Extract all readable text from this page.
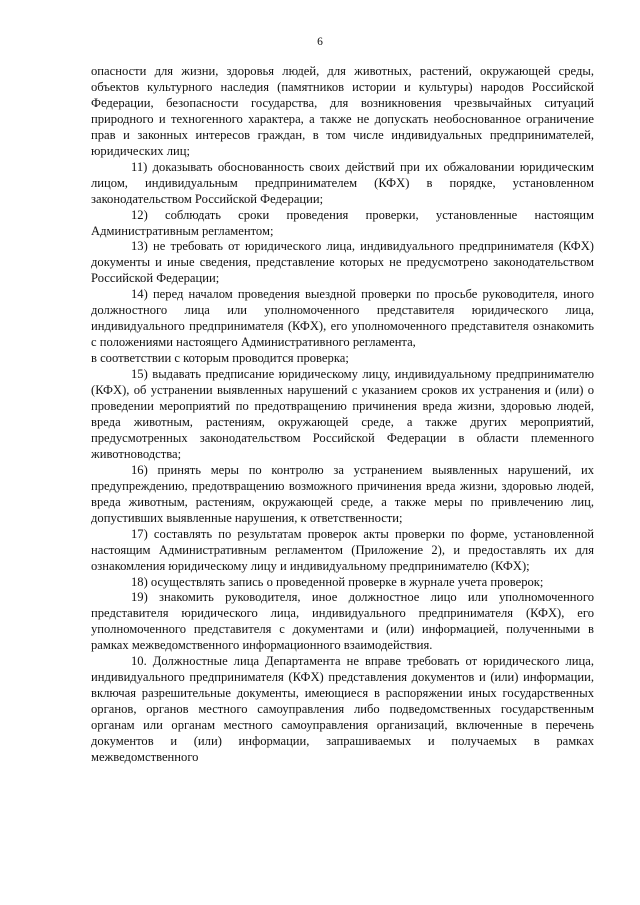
6

опасности для жизни, здоровья людей, для животных, растений, окружающей среды, объектов культурного наследия (памятников истории и культуры) народов Российской Федерации, безопасности государства, для возникновения чрезвычайных ситуаций природного и техногенного характера, а также не допускать необоснованное ограничение прав и законных интересов граждан, в том числе индивидуальных предпринимателей, юридических лиц;

11) доказывать обоснованность своих действий при их обжаловании юридическим лицом, индивидуальным предпринимателем (КФХ) в порядке, установленном законодательством Российской Федерации;

12) соблюдать сроки проведения проверки, установленные настоящим Административным регламентом;

13) не требовать от юридического лица, индивидуального предпринимателя (КФХ) документы и иные сведения, представление которых не предусмотрено законодательством Российской Федерации;

14) перед началом проведения выездной проверки по просьбе руководителя, иного должностного лица или уполномоченного представителя юридического лица, индивидуального предпринимателя (КФХ), его уполномоченного представителя ознакомить с положениями настоящего Административного регламента,

в соответствии с которым проводится проверка;

15) выдавать предписание юридическому лицу, индивидуальному предпринимателю (КФХ), об устранении выявленных нарушений с указанием сроков их устранения и (или) о проведении мероприятий по предотвращению причинения вреда жизни, здоровью людей, вреда животным, растениям, окружающей среде, а также других мероприятий, предусмотренных законодательством Российской Федерации в области племенного животноводства;

16) принять меры по контролю за устранением выявленных нарушений, их предупреждению, предотвращению возможного причинения вреда жизни, здоровью людей, вреда животным, растениям, окружающей среде, а также меры по привлечению лиц, допустивших выявленные нарушения, к ответственности;

17) составлять по результатам проверок акты проверки по форме, установленной настоящим Административным регламентом (Приложение 2), и предоставлять их для ознакомления юридическому лицу и индивидуальному предпринимателю (КФХ);

18) осуществлять запись о проведенной проверке в журнале учета проверок;

19) знакомить руководителя, иное должностное лицо или уполномоченного представителя юридического лица, индивидуального предпринимателя (КФХ), его уполномоченного представителя с документами и (или) информацией, полученными в рамках межведомственного информационного взаимодействия.

10. Должностные лица Департамента не вправе требовать от юридического лица, индивидуального предпринимателя (КФХ) представления документов и (или) информации, включая разрешительные документы, имеющиеся в распоряжении иных государственных органов, органов местного самоуправления либо подведомственных государственным органам или органам местного самоуправления организаций, включенные в перечень документов и (или) информации, запрашиваемых и получаемых в рамках межведомственного
